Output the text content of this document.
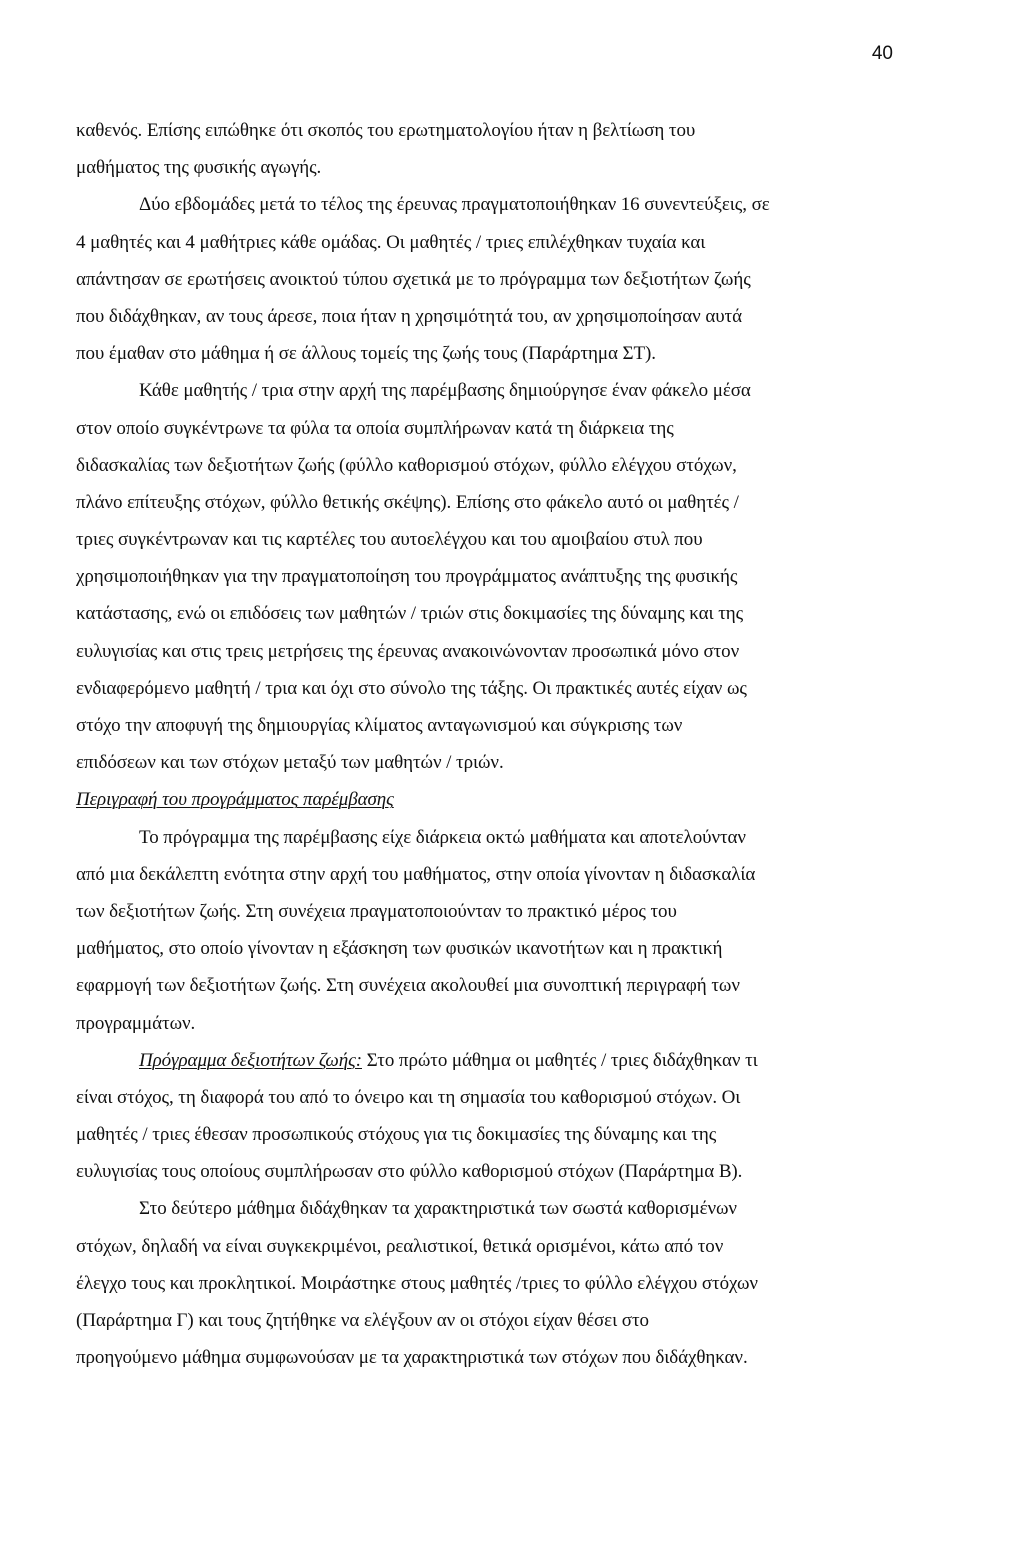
40
καθενός. Επίσης ειπώθηκε ότι σκοπός του ερωτηματολογίου ήταν η βελτίωση του
μαθήματος της φυσικής αγωγής.
Δύο εβδομάδες μετά το τέλος της έρευνας πραγματοποιήθηκαν 16 συνεντεύξεις, σε
4 μαθητές και 4 μαθήτριες κάθε ομάδας. Οι μαθητές / τριες επιλέχθηκαν τυχαία και
απάντησαν σε ερωτήσεις ανοικτού τύπου σχετικά με το πρόγραμμα των δεξιοτήτων ζωής
που διδάχθηκαν, αν τους άρεσε, ποια ήταν η χρησιμότητά του, αν χρησιμοποίησαν αυτά
που έμαθαν στο μάθημα ή σε άλλους τομείς της ζωής τους (Παράρτημα ΣΤ).
Κάθε μαθητής / τρια στην αρχή της παρέμβασης δημιούργησε έναν φάκελο μέσα
στον οποίο συγκέντρωνε τα φύλα τα οποία συμπλήρωναν κατά τη διάρκεια της
διδασκαλίας των δεξιοτήτων ζωής (φύλλο καθορισμού στόχων, φύλλο ελέγχου στόχων,
πλάνο επίτευξης στόχων, φύλλο θετικής σκέψης). Επίσης στο φάκελο αυτό οι μαθητές /
τριες συγκέντρωναν και τις καρτέλες του αυτοελέγχου και του αμοιβαίου στυλ που
χρησιμοποιήθηκαν για την πραγματοποίηση του προγράμματος ανάπτυξης της φυσικής
κατάστασης, ενώ οι επιδόσεις των μαθητών / τριών στις δοκιμασίες της δύναμης και της
ευλυγισίας και στις τρεις μετρήσεις της έρευνας ανακοινώνονταν προσωπικά μόνο στον
ενδιαφερόμενο μαθητή / τρια και όχι στο σύνολο της τάξης. Οι πρακτικές αυτές είχαν ως
στόχο την αποφυγή της δημιουργίας κλίματος ανταγωνισμού και σύγκρισης των
επιδόσεων και των στόχων μεταξύ των μαθητών / τριών.
Περιγραφή του προγράμματος παρέμβασης
Το πρόγραμμα της παρέμβασης είχε διάρκεια οκτώ μαθήματα και αποτελούνταν
από μια δεκάλεπτη ενότητα στην αρχή του μαθήματος, στην οποία γίνονταν η διδασκαλία
των δεξιοτήτων ζωής. Στη συνέχεια πραγματοποιούνταν το πρακτικό μέρος του
μαθήματος, στο οποίο γίνονταν η εξάσκηση των φυσικών ικανοτήτων και η πρακτική
εφαρμογή των δεξιοτήτων ζωής. Στη συνέχεια ακολουθεί μια συνοπτική περιγραφή των
προγραμμάτων.
Πρόγραμμα δεξιοτήτων ζωής: Στο πρώτο μάθημα οι μαθητές / τριες διδάχθηκαν τι
είναι στόχος, τη διαφορά του από το όνειρο και τη σημασία του καθορισμού στόχων. Οι
μαθητές / τριες έθεσαν προσωπικούς στόχους για τις δοκιμασίες της δύναμης και της
ευλυγισίας τους οποίους συμπλήρωσαν στο φύλλο καθορισμού στόχων (Παράρτημα Β).
Στο δεύτερο μάθημα διδάχθηκαν τα χαρακτηριστικά των σωστά καθορισμένων
στόχων, δηλαδή να είναι συγκεκριμένοι, ρεαλιστικοί, θετικά ορισμένοι, κάτω από τον
έλεγχο τους και προκλητικοί. Μοιράστηκε στους μαθητές /τριες το φύλλο ελέγχου στόχων
(Παράρτημα Γ) και τους ζητήθηκε να ελέγξουν αν οι στόχοι είχαν θέσει στο
προηγούμενο μάθημα συμφωνούσαν με τα χαρακτηριστικά των στόχων που διδάχθηκαν.
